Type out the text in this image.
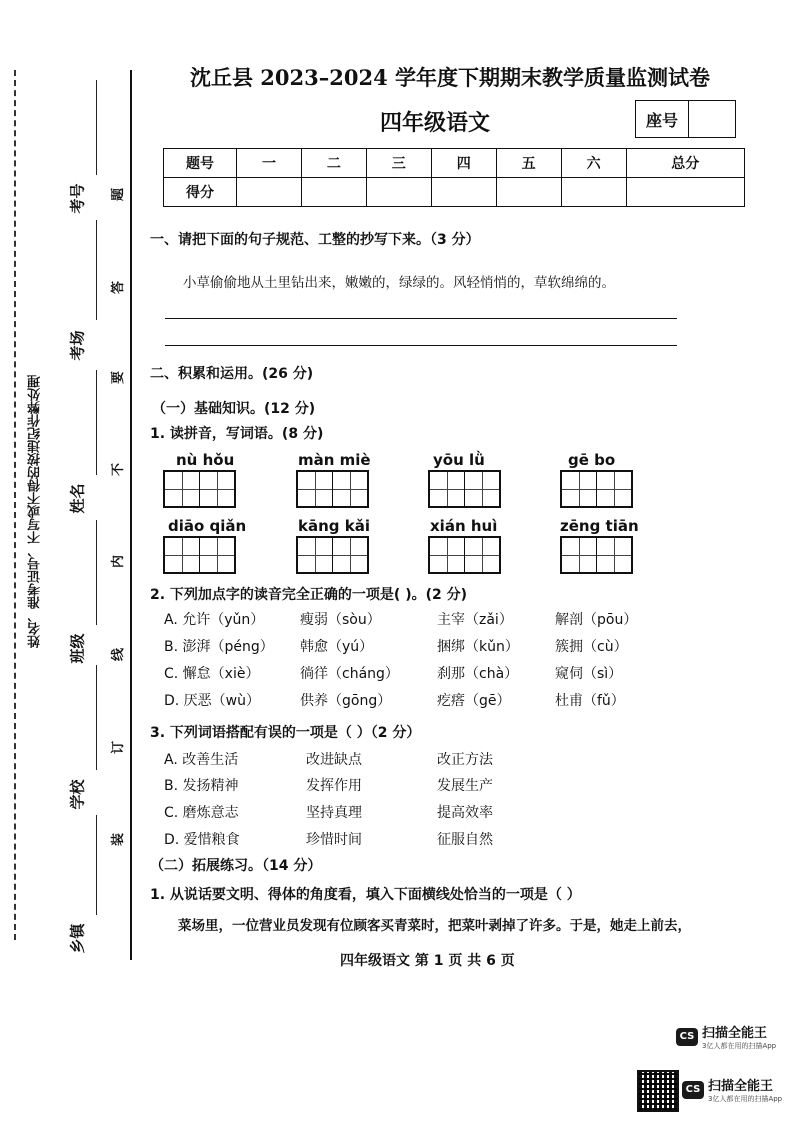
姓名、准考证号、不写或不得的按违纪作弊处理
考号
考场
姓名
班级
学校
乡镇
题
答
要
不
内
线
订
装
沈丘县 2023–2024 学年度下期期末教学质量监测试卷
四年级语文	座号
题号	一	二	三	四	五	六	总分
得分							
一、请把下面的句子规范、工整的抄写下来。（3 分）
小草偷偷地从土里钻出来，嫩嫩的，绿绿的。风轻悄悄的，草软绵绵的。
二、积累和运用。(26 分)
（一）基础知识。(12 分)
1. 读拼音，写词语。(8 分)
nù hǒu	màn miè	yōu lǜ	gē bo
diāo qiǎn	kāng kǎi	xián huì	zēng tiān
2. 下列加点字的读音完全正确的一项是( )。(2 分)
A. 允许（yǔn）	瘦弱（sòu）	主宰（zǎi）	解剖（pōu）
B. 澎湃（péng） 韩愈（yú）	捆绑（kǔn）	簇拥（cù）
C. 懈怠（xiè）	徜徉（cháng）	刹那（chà）	窥伺（sì）
D. 厌恶（wù）	供养（gōng）	疙瘩（gē）	杜甫（fǔ）
3. 下列词语搭配有误的一项是（ ）（2 分）
A. 改善生活	改进缺点	改正方法
B. 发扬精神	发挥作用	发展生产
C. 磨炼意志	坚持真理	提高效率
D. 爱惜粮食	珍惜时间	征服自然
（二）拓展练习。（14 分）
1. 从说话要文明、得体的角度看，填入下面横线处恰当的一项是（ ）
菜场里，一位营业员发现有位顾客买青菜时，把菜叶剥掉了许多。于是，她走上前去，
四年级语文 第 1 页 共 6 页
CS 扫描全能王
3亿人都在用的扫描App
CS 扫描全能王
3亿人都在用的扫描App
